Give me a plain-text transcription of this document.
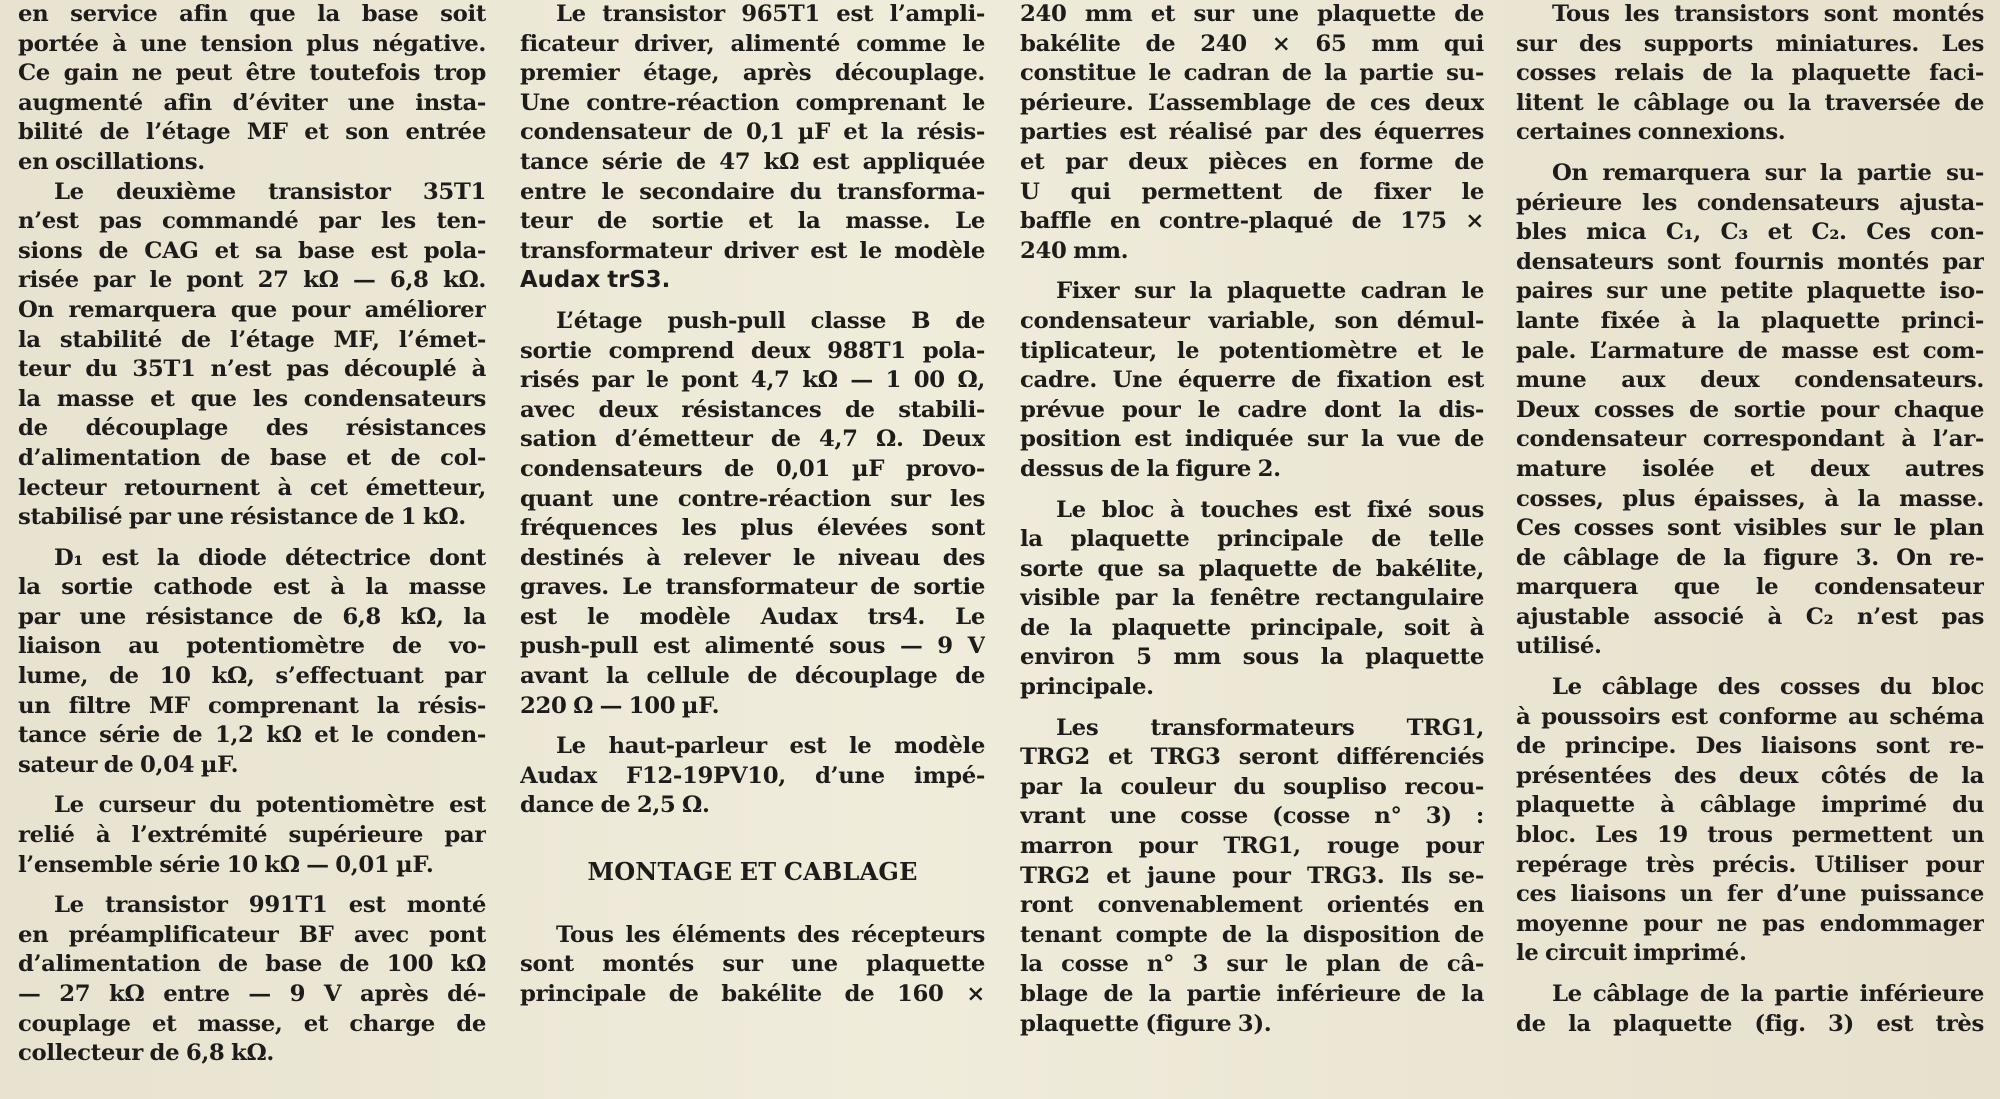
en service afin que la base soit
portée à une tension plus négative.
Ce gain ne peut être toutefois trop
augmenté afin d’éviter une insta-
bilité de l’étage MF et son entrée
en oscillations.

Le deuxième transistor 35T1
n’est pas commandé par les ten-
sions de CAG et sa base est pola-
risée par le pont 27 kΩ — 6,8 kΩ.
On remarquera que pour améliorer
la stabilité de l’étage MF, l’émet-
teur du 35T1 n’est pas découplé à
la masse et que les condensateurs
de découplage des résistances
d’alimentation de base et de col-
lecteur retournent à cet émetteur,
stabilisé par une résistance de 1 kΩ.

D₁ est la diode détectrice dont
la sortie cathode est à la masse
par une résistance de 6,8 kΩ, la
liaison au potentiomètre de vo-
lume, de 10 kΩ, s’effectuant par
un filtre MF comprenant la résis-
tance série de 1,2 kΩ et le conden-
sateur de 0,04 µF.

Le curseur du potentiomètre est
relié à l’extrémité supérieure par
l’ensemble série 10 kΩ — 0,01 µF.

Le transistor 991T1 est monté
en préamplificateur BF avec pont
d’alimentation de base de 100 kΩ
— 27 kΩ entre — 9 V après dé-
couplage et masse, et charge de
collecteur de 6,8 kΩ.

Le transistor 965T1 est l’ampli-
ficateur driver, alimenté comme le
premier étage, après découplage.
Une contre-réaction comprenant le
condensateur de 0,1 µF et la résis-
tance série de 47 kΩ est appliquée
entre le secondaire du transforma-
teur de sortie et la masse. Le
transformateur driver est le modèle
Audax trS3.

L’étage push-pull classe B de
sortie comprend deux 988T1 pola-
risés par le pont 4,7 kΩ — 1 00 Ω,
avec deux résistances de stabili-
sation d’émetteur de 4,7 Ω. Deux
condensateurs de 0,01 µF provo-
quant une contre-réaction sur les
fréquences les plus élevées sont
destinés à relever le niveau des
graves. Le transformateur de sortie
est le modèle Audax trs4. Le
push-pull est alimenté sous — 9 V
avant la cellule de découplage de
220 Ω — 100 µF.

Le haut-parleur est le modèle
Audax F12-19PV10, d’une impé-
dance de 2,5 Ω.

MONTAGE ET CABLAGE

Tous les éléments des récepteurs
sont montés sur une plaquette
principale de bakélite de 160 ×

240 mm et sur une plaquette de
bakélite de 240 × 65 mm qui
constitue le cadran de la partie su-
périeure. L’assemblage de ces deux
parties est réalisé par des équerres
et par deux pièces en forme de
U qui permettent de fixer le
baffle en contre-plaqué de 175 ×
240 mm.

Fixer sur la plaquette cadran le
condensateur variable, son démul-
tiplicateur, le potentiomètre et le
cadre. Une équerre de fixation est
prévue pour le cadre dont la dis-
position est indiquée sur la vue de
dessus de la figure 2.

Le bloc à touches est fixé sous
la plaquette principale de telle
sorte que sa plaquette de bakélite,
visible par la fenêtre rectangulaire
de la plaquette principale, soit à
environ 5 mm sous la plaquette
principale.

Les transformateurs TRG1,
TRG2 et TRG3 seront différenciés
par la couleur du soupliso recou-
vrant une cosse (cosse n° 3) :
marron pour TRG1, rouge pour
TRG2 et jaune pour TRG3. Ils se-
ront convenablement orientés en
tenant compte de la disposition de
la cosse n° 3 sur le plan de câ-
blage de la partie inférieure de la
plaquette (figure 3).

Tous les transistors sont montés
sur des supports miniatures. Les
cosses relais de la plaquette faci-
litent le câblage ou la traversée de
certaines connexions.

On remarquera sur la partie su-
périeure les condensateurs ajusta-
bles mica C₁, C₃ et C₂. Ces con-
densateurs sont fournis montés par
paires sur une petite plaquette iso-
lante fixée à la plaquette princi-
pale. L’armature de masse est com-
mune aux deux condensateurs.
Deux cosses de sortie pour chaque
condensateur correspondant à l’ar-
mature isolée et deux autres
cosses, plus épaisses, à la masse.
Ces cosses sont visibles sur le plan
de câblage de la figure 3. On re-
marquera que le condensateur
ajustable associé à C₂ n’est pas
utilisé.

Le câblage des cosses du bloc
à poussoirs est conforme au schéma
de principe. Des liaisons sont re-
présentées des deux côtés de la
plaquette à câblage imprimé du
bloc. Les 19 trous permettent un
repérage très précis. Utiliser pour
ces liaisons un fer d’une puissance
moyenne pour ne pas endommager
le circuit imprimé.

Le câblage de la partie inférieure
de la plaquette (fig. 3) est très
